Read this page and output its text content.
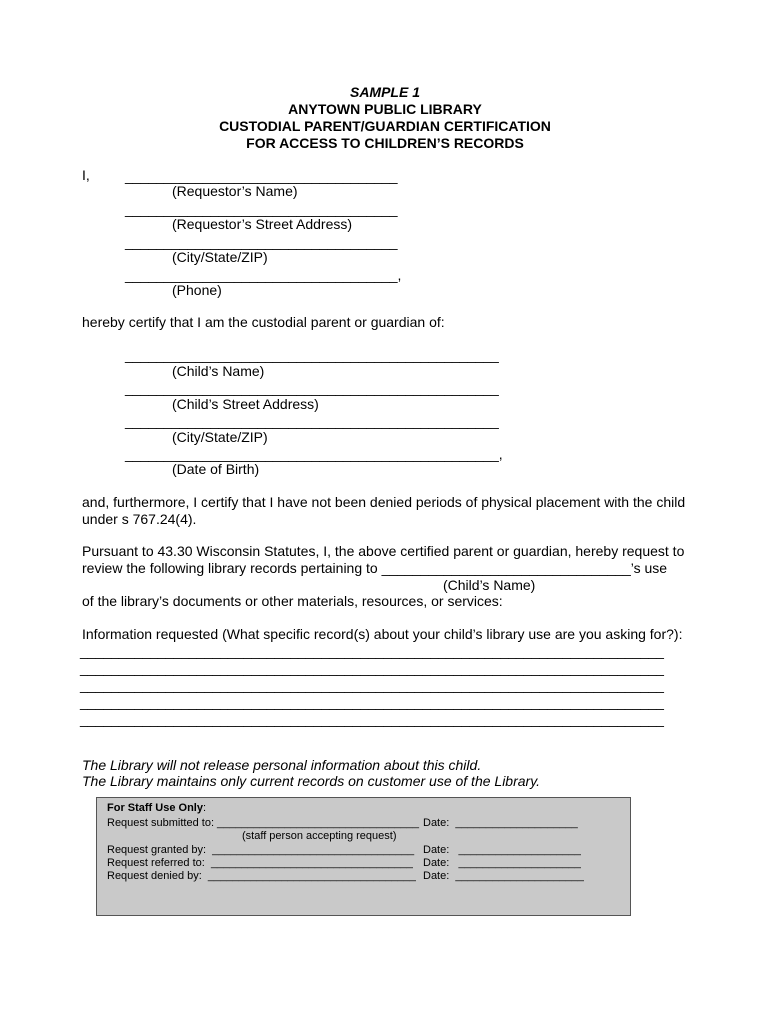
SAMPLE 1
ANYTOWN PUBLIC LIBRARY
CUSTODIAL PARENT/GUARDIAN CERTIFICATION
FOR ACCESS TO CHILDREN’S RECORDS
I,	___________________________________
(Requestor’s Name)
___________________________________
(Requestor’s Street Address)
___________________________________
(City/State/ZIP)
___________________________________,
(Phone)
hereby certify that I am the custodial parent or guardian of:
________________________________________________
(Child’s Name)
________________________________________________
(Child’s Street Address)
________________________________________________
(City/State/ZIP)
________________________________________________,
(Date of Birth)
and, furthermore, I certify that I have not been denied periods of physical placement with the child
under s 767.24(4).
Pursuant to 43.30 Wisconsin Statutes, I, the above certified parent or guardian, hereby request to
review the following library records pertaining to ________________________________’s use
(Child’s Name)
of the library’s documents or other materials, resources, or services:
Information requested (What specific record(s) about your child’s library use are you asking for?):
___________________________________________________________________________
___________________________________________________________________________
___________________________________________________________________________
___________________________________________________________________________
___________________________________________________________________________
The Library will not release personal information about this child.
The Library maintains only current records on customer use of the Library.
For Staff Use Only:
Request submitted to: _________________________________ Date:  ____________________
(staff person accepting request)
Request granted by:  _________________________________ Date:   ____________________
Request referred to:  _________________________________ Date:   ____________________
Request denied by:  __________________________________ Date:  _____________________
